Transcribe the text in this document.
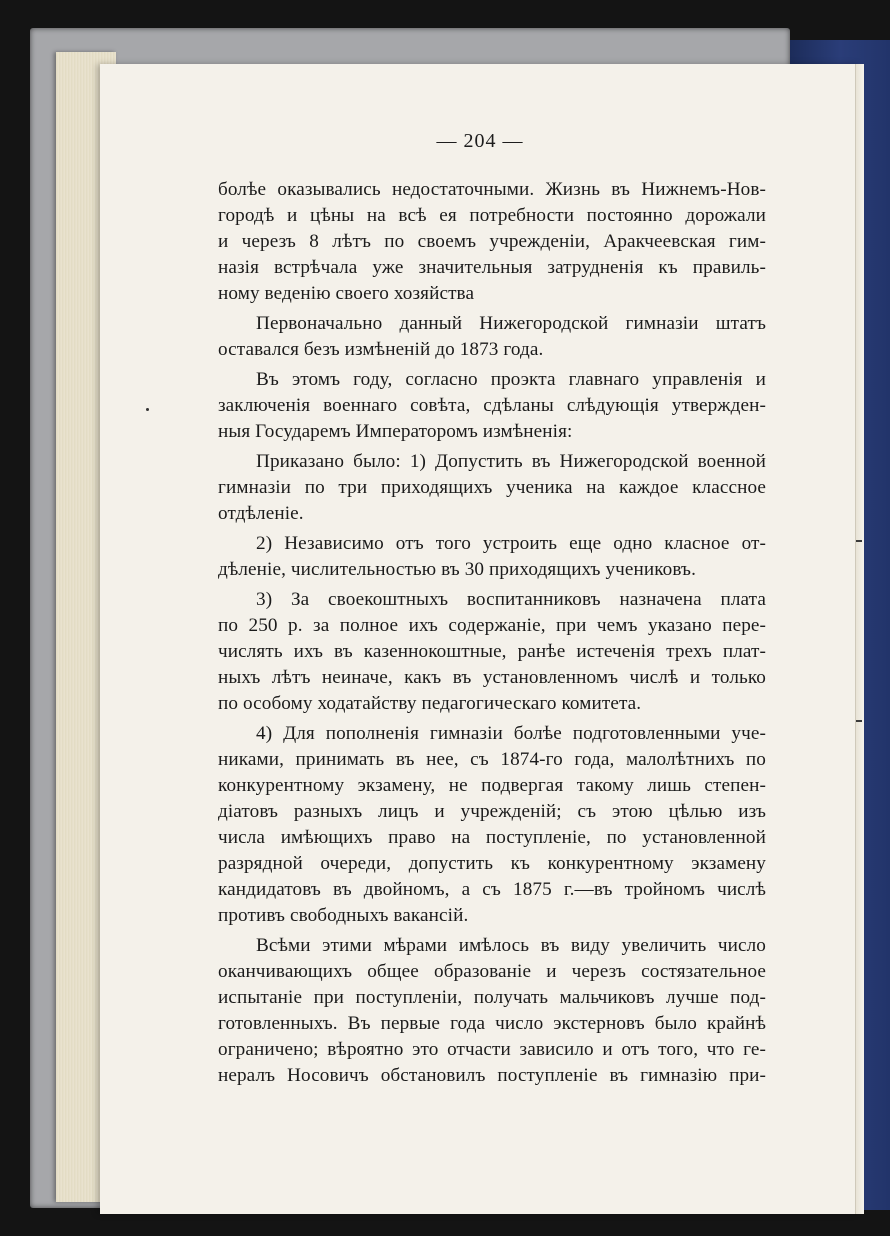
— 204 —
болѣе оказывались недостаточными. Жизнь въ Нижнемъ-Нов-
городѣ и цѣны на всѣ ея потребности постоянно дорожали
и черезъ 8 лѣтъ по своемъ учрежденіи, Аракчеевская гим-
назія встрѣчала уже значительныя затрудненія къ правиль-
ному веденію своего хозяйства
Первоначально данный Нижегородской гимназіи штатъ
оставался безъ измѣненій до 1873 года.
Въ этомъ году, согласно проэкта главнаго управленія и
заключенія военнаго совѣта, сдѣланы слѣдующія утвержден-
ныя Государемъ Императоромъ измѣненія:
Приказано было: 1) Допустить въ Нижегородской военной
гимназіи по три приходящихъ ученика на каждое классное
отдѣленіе.
2) Независимо отъ того устроить еще одно класное от-
дѣленіе, числительностью въ 30 приходящихъ учениковъ.
3) За своекоштныхъ воспитанниковъ назначена плата
по 250 р. за полное ихъ содержаніе, при чемъ указано пере-
числять ихъ въ казеннокоштные, ранѣе истеченія трехъ плат-
ныхъ лѣтъ неиначе, какъ въ установленномъ числѣ и только
по особому ходатайству педагогическаго комитета.
4) Для пополненія гимназіи болѣе подготовленными уче-
никами, принимать въ нее, съ 1874-го года, малолѣтнихъ по
конкурентному экзамену, не подвергая такому лишь степен-
діатовъ разныхъ лицъ и учрежденій; съ этою цѣлью изъ
числа имѣющихъ право на поступленіе, по установленной
разрядной очереди, допустить къ конкурентному экзамену
кандидатовъ въ двойномъ, а съ 1875 г.—въ тройномъ числѣ
противъ свободныхъ вакансій.
Всѣми этими мѣрами имѣлось въ виду увеличить число
оканчивающихъ общее образованіе и черезъ состязательное
испытаніе при поступленіи, получать мальчиковъ лучше под-
готовленныхъ. Въ первые года число экстерновъ было крайнѣ
ограничено; вѣроятно это отчасти зависило и отъ того, что ге-
нералъ Носовичъ обстановилъ поступленіе въ гимназію при-
